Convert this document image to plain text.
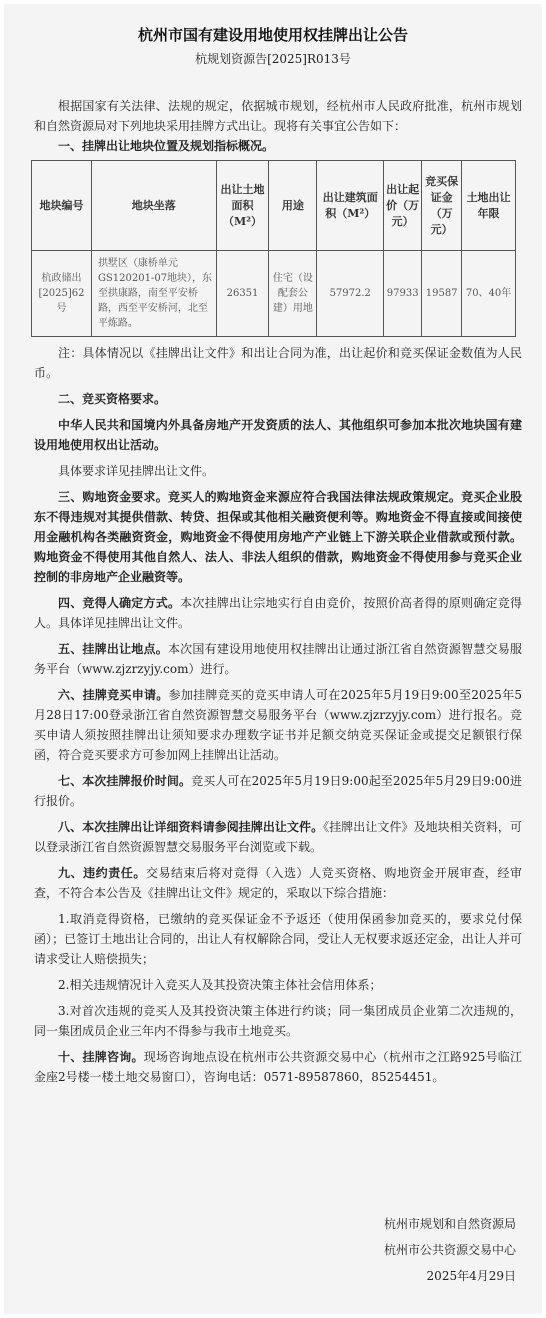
杭州市国有建设用地使用权挂牌出让公告
杭规划资源告[2025]R013号

根据国家有关法律、法规的规定，依据城市规划，经杭州市人民政府批准，杭州市规划和自然资源局对下列地块采用挂牌方式出让。现将有关事宜公告如下：

一、挂牌出让地块位置及规划指标概况。

地块编号	地块坐落	出让土地面积（M²）	用途	出让建筑面积（M²）	出让起价（万元）	竞买保证金（万元）	土地出让年限
杭政储出[2025]62号	拱墅区（康桥单元GS120201-07地块），东至拱康路，南至平安桥路，西至平安桥河，北至平炼路。	26351	住宅（设配套公建）用地	57972.2	97933	19587	70、40年

注：具体情况以《挂牌出让文件》和出让合同为准，出让起价和竞买保证金数值为人民币。

二、竞买资格要求。

中华人民共和国境内外具备房地产开发资质的法人、其他组织可参加本批次地块国有建设用地使用权出让活动。

具体要求详见挂牌出让文件。

三、购地资金要求。竞买人的购地资金来源应符合我国法律法规政策规定。竞买企业股东不得违规对其提供借款、转贷、担保或其他相关融资便利等。购地资金不得直接或间接使用金融机构各类融资资金，购地资金不得使用房地产产业链上下游关联企业借款或预付款。购地资金不得使用其他自然人、法人、非法人组织的借款，购地资金不得使用参与竞买企业控制的非房地产企业融资等。

四、竞得人确定方式。本次挂牌出让宗地实行自由竞价，按照价高者得的原则确定竞得人。具体详见挂牌出让文件。

五、挂牌出让地点。本次国有建设用地使用权挂牌出让通过浙江省自然资源智慧交易服务平台（www.zjzrzyjy.com）进行。

六、挂牌竞买申请。参加挂牌竞买的竞买申请人可在2025年5月19日9:00至2025年5月28日17:00登录浙江省自然资源智慧交易服务平台（www.zjzrzyjy.com）进行报名。竞买申请人须按照挂牌出让须知要求办理数字证书并足额交纳竞买保证金或提交足额银行保函，符合竞买要求方可参加网上挂牌出让活动。

七、本次挂牌报价时间。竞买人可在2025年5月19日9:00起至2025年5月29日9:00进行报价。

八、本次挂牌出让详细资料请参阅挂牌出让文件。《挂牌出让文件》及地块相关资料，可以登录浙江省自然资源智慧交易服务平台浏览或下载。

九、违约责任。交易结束后将对竞得（入选）人竞买资格、购地资金开展审查，经审查，不符合本公告及《挂牌出让文件》规定的，采取以下综合措施：

1.取消竞得资格，已缴纳的竞买保证金不予返还（使用保函参加竞买的，要求兑付保函）；已签订土地出让合同的，出让人有权解除合同，受让人无权要求返还定金，出让人并可请求受让人赔偿损失；

2.相关违规情况计入竞买人及其投资决策主体社会信用体系；

3.对首次违规的竞买人及其投资决策主体进行约谈；同一集团成员企业第二次违规的，同一集团成员企业三年内不得参与我市土地竞买。

十、挂牌咨询。现场咨询地点设在杭州市公共资源交易中心（杭州市之江路925号临江金座2号楼一楼土地交易窗口），咨询电话：0571-89587860，85254451。

杭州市规划和自然资源局
杭州市公共资源交易中心
2025年4月29日
